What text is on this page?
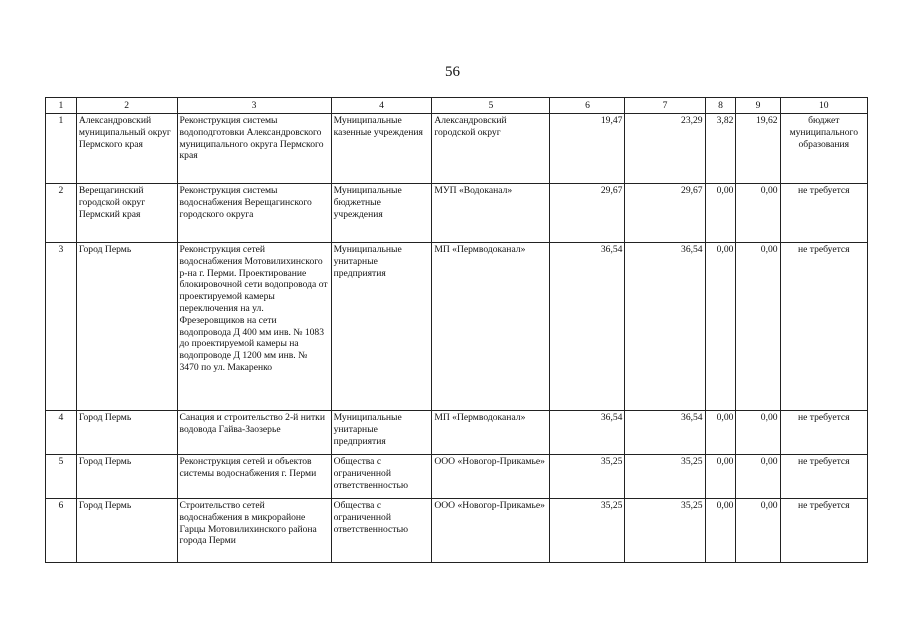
56
1	2	3	4	5	6	7	8	9	10
1	Александровский муниципальный округ Пермского края	Реконструкция системы водоподготовки Александровского муниципального округа Пермского края	Муниципальные казенные учреждения	Александровский городской округ	19,47	23,29	3,82	19,62	бюджет муниципального образования
2	Верещагинский городской округ Пермский края	Реконструкция системы водоснабжения Верещагинского городского округа	Муниципальные бюджетные учреждения	МУП «Водоканал»	29,67	29,67	0,00	0,00	не требуется
3	Город Пермь	Реконструкция сетей водоснабжения Мотовилихинского р-на г. Перми. Проектирование блокировочной сети водопровода от проектируемой камеры переключения на ул. Фрезеровщиков на сети водопровода Д 400 мм инв. № 1083 до проектируемой камеры на водопроводе Д 1200 мм инв. № 3470 по ул. Макаренко	Муниципальные унитарные предприятия	МП «Пермводоканал»	36,54	36,54	0,00	0,00	не требуется
4	Город Пермь	Санация и строительство 2-й нитки водовода Гайва-Заозерье	Муниципальные унитарные предприятия	МП «Пермводоканал»	36,54	36,54	0,00	0,00	не требуется
5	Город Пермь	Реконструкция сетей и объектов системы водоснабжения г. Перми	Общества с ограниченной ответственностью	ООО «Новогор-Прикамье»	35,25	35,25	0,00	0,00	не требуется
6	Город Пермь	Строительство сетей водоснабжения в микрорайоне Гарцы Мотовилихинского района города Перми	Общества с ограниченной ответственностью	ООО «Новогор-Прикамье»	35,25	35,25	0,00	0,00	не требуется
